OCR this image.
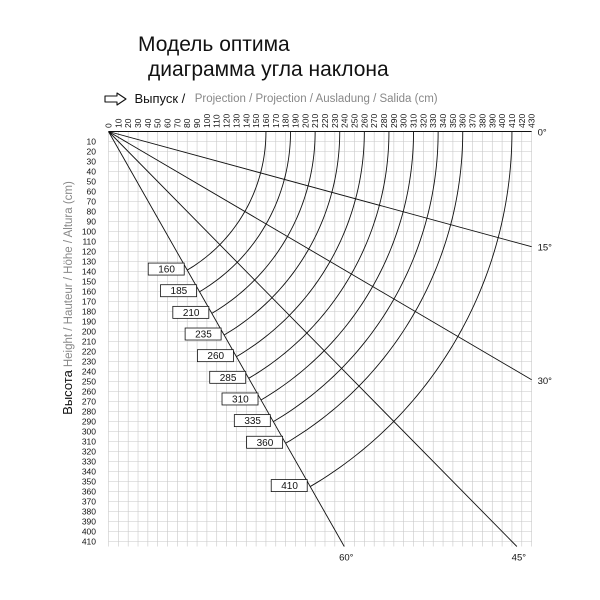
Модель оптима
диаграмма угла наклона
Выпуск / Projection / Projection / Ausladung / Salida (cm)
ВысотаHeight / Hauteur / Höhe / Altura (cm)
0 10 20 30 40 50 60 70 80 90 100 110 120 130 140 150 160 170 180 190 200 210 220 230 240 250 260 270 280 290 300 310 320 330 340 350 360 370 380 390 400 410 420 430
10
20
30
40
50
60
70
80
90
100
110
120
130
140
150
160
170
180
190
200
210
220
230
240
250
260
270
280
290
300
310
320
330
340
350
360
370
380
390
400
410
160
185
210
235
260
285
310
335
360
410
0°
15°
30°
45°
60°
